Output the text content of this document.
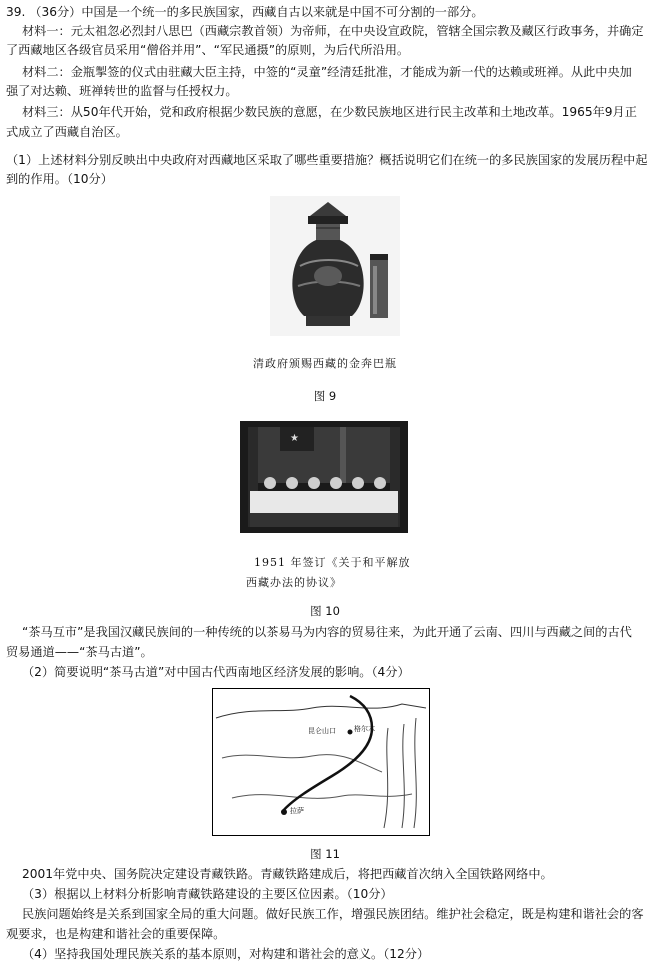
39. （36分）中国是一个统一的多民族国家，西藏自古以来就是中国不可分割的一部分。
材料一：元太祖忽必烈封八思巴（西藏宗教首领）为帝师，在中央设宣政院，管辖全国宗教及藏区行政事务，并确定
了西藏地区各级官员采用“僧俗并用”、“军民通摄”的原则，为后代所沿用。
材料二：金瓶掣签的仪式由驻藏大臣主持，中签的“灵童”经清廷批准，才能成为新一代的达赖或班禅。从此中央加
强了对达赖、班禅转世的监督与任授权力。
材料三：从50年代开始，党和政府根据少数民族的意愿，在少数民族地区进行民主改革和土地改革。1965年9月正
式成立了西藏自治区。
（1）上述材料分别反映出中央政府对西藏地区采取了哪些重要措施？概括说明它们在统一的多民族国家的发展历程中起
到的作用。（10分）
清政府颁赐西藏的金奔巴瓶
图 9
★
1951 年签订《关于和平解放
西藏办法的协议》
图 10
“茶马互市”是我国汉藏民族间的一种传统的以茶易马为内容的贸易往来，为此开通了云南、四川与西藏之间的古代
贸易通道——“茶马古道”。
（2）简要说明“茶马古道”对中国古代西南地区经济发展的影响。（4分）
昆仑山口	格尔木
拉萨
图 11
2001年党中央、国务院决定建设青藏铁路。青藏铁路建成后，将把西藏首次纳入全国铁路网络中。
（3）根据以上材料分析影响青藏铁路建设的主要区位因素。（10分）
民族问题始终是关系到国家全局的重大问题。做好民族工作，增强民族团结。维护社会稳定，既是构建和谐社会的客
观要求，也是构建和谐社会的重要保障。
（4）坚持我国处理民族关系的基本原则，对构建和谐社会的意义。（12分）
